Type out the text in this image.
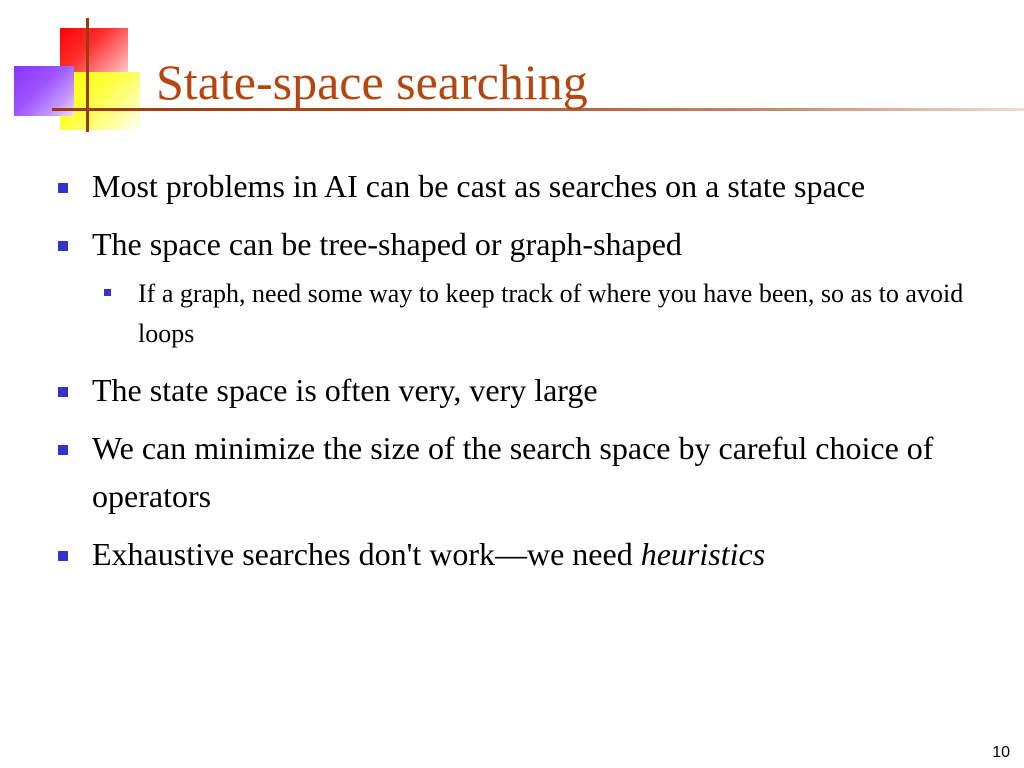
State-space searching
Most problems in AI can be cast as searches on a state space
The space can be tree-shaped or graph-shaped
If a graph, need some way to keep track of where you have been, so as to avoid loops
The state space is often very, very large
We can minimize the size of the search space by careful choice of operators
Exhaustive searches don't work—we need heuristics
10
